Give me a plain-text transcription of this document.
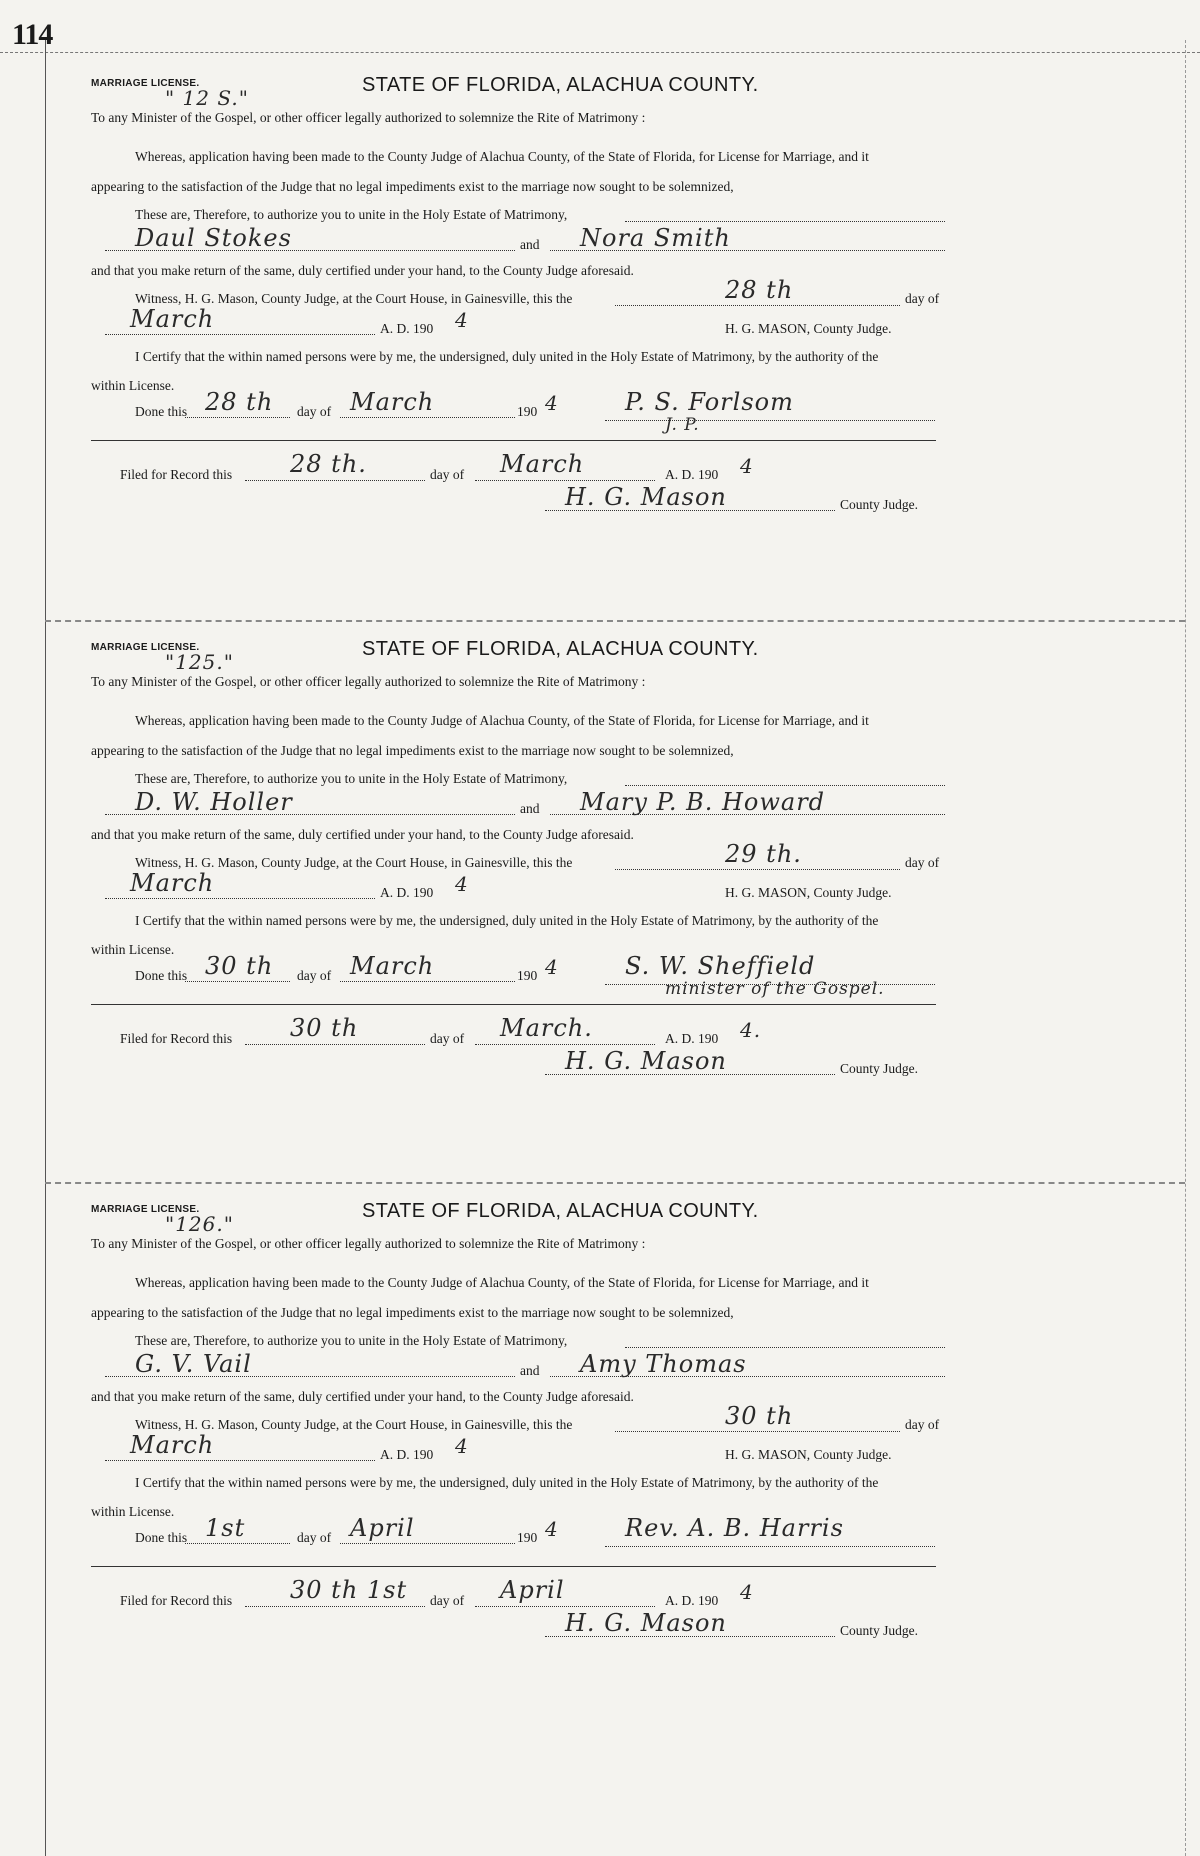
114
MARRIAGE LICENSE.
" 12 S."
STATE OF FLORIDA, ALACHUA COUNTY.
To any Minister of the Gospel, or other officer legally authorized to solemnize the Rite of Matrimony :
Whereas, application having been made to the County Judge of Alachua County, of the State of Florida, for License for Marriage, and it
appearing to the satisfaction of the Judge that no legal impediments exist to the marriage now sought to be solemnized,
These are, Therefore, to authorize you to unite in the Holy Estate of Matrimony,
Daul Stokes	and Nora Smith
and that you make return of the same, duly certified under your hand, to the County Judge aforesaid.
Witness, H. G. Mason, County Judge, at the Court House, in Gainesville, this the	28 th	day of
March	A. D. 190 4	H. G. MASON, County Judge.
I Certify that the within named persons were by me, the undersigned, duly united in the Holy Estate of Matrimony, by the authority of the
within License.
Done this 28 th day of March	190 4	P. S. Forlsom
J. P.
Filed for Record this 28 th.	day of March	A. D. 190 4
H. G. Mason	County Judge.
MARRIAGE LICENSE.
"125."
STATE OF FLORIDA, ALACHUA COUNTY.
To any Minister of the Gospel, or other officer legally authorized to solemnize the Rite of Matrimony :
Whereas, application having been made to the County Judge of Alachua County, of the State of Florida, for License for Marriage, and it
appearing to the satisfaction of the Judge that no legal impediments exist to the marriage now sought to be solemnized,
These are, Therefore, to authorize you to unite in the Holy Estate of Matrimony,
D. W. Holler	and Mary P. B. Howard
and that you make return of the same, duly certified under your hand, to the County Judge aforesaid.
Witness, H. G. Mason, County Judge, at the Court House, in Gainesville, this the	29 th.	day of
March	A. D. 190 4	H. G. MASON, County Judge.
I Certify that the within named persons were by me, the undersigned, duly united in the Holy Estate of Matrimony, by the authority of the
within License.
Done this 30 th day of March	190 4	S. W. Sheffield
minister of the Gospel.
Filed for Record this 30 th	day of March.	A. D. 190 4.
H. G. Mason	County Judge.
MARRIAGE LICENSE.
"126."
STATE OF FLORIDA, ALACHUA COUNTY.
To any Minister of the Gospel, or other officer legally authorized to solemnize the Rite of Matrimony :
Whereas, application having been made to the County Judge of Alachua County, of the State of Florida, for License for Marriage, and it
appearing to the satisfaction of the Judge that no legal impediments exist to the marriage now sought to be solemnized,
These are, Therefore, to authorize you to unite in the Holy Estate of Matrimony,
G. V. Vail	and Amy Thomas
and that you make return of the same, duly certified under your hand, to the County Judge aforesaid.
Witness, H. G. Mason, County Judge, at the Court House, in Gainesville, this the	30 th	day of
March	A. D. 190 4	H. G. MASON, County Judge.
I Certify that the within named persons were by me, the undersigned, duly united in the Holy Estate of Matrimony, by the authority of the
within License.
Done this 1st	day of April	190 4	Rev. A. B. Harris
Filed for Record this 30 th 1st day of April	A. D. 190 4
H. G. Mason	County Judge.
